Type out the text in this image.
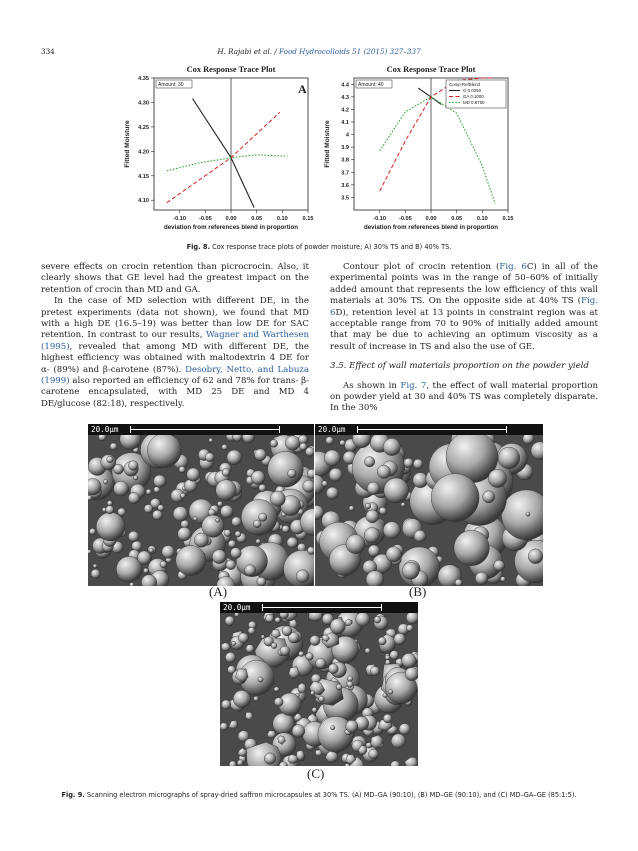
334	H. Rajabi et al. / Food Hydrocolloids 51 (2015) 327–337
Cox Response Trace Plot
Amount: 30	A
-0.10 -0.05 0.00	0.05	0.10	0.15
4.10
4.15
4.20
4.25
4.30
4.35
deviation from references blend in proportion
Fitted Moisture
Cox Response Trace Plot
Amount: 40
-0.10 -0.05 0.00	0.05	0.10	0.15
3.5
3.6
3.7
3.8
3.9
4
4.1
4.2
4.3
4.4
deviation from references blend in proportion
Fitted Moisture
Comp:RefBlend
G 0.0250
GA 0.1000
MD 0.8750
Fig. 8. Cox response trace plots of powder moisture; A) 30% TS and B) 40% TS.

severe effects on crocin retention than picrocrocin. Also, it clearly shows that GE level had the greatest impact on the retention of crocin than MD and GA.

In the case of MD selection with different DE, in the pretest experiments (data not shown), we found that MD with a high DE (16.5–19) was better than low DE for SAC retention. In contrast to our results, Wagner and Warthesen (1995), revealed that among MD with different DE, the highest efficiency was obtained with maltodextrin 4 DE for α- (89%) and β-carotene (87%). Desobry, Netto, and Labuza (1999) also reported an efficiency of 62 and 78% for trans- β-carotene encapsulated, with MD 25 DE and MD 4 DE/glucose (82:18), respectively.

Contour plot of crocin retention (Fig. 6C) in all of the experimental points was in the range of 50–60% of initially added amount that represents the low efficiency of this wall materials at 30% TS. On the opposite side at 40% TS (Fig. 6D), retention level at 13 points in constraint region was at acceptable range from 70 to 90% of initially added amount that may be due to achieving an optimum viscosity as a result of increase in TS and also the use of GE.

3.5. Effect of wall materials proportion on the powder yield

As shown in Fig. 7, the effect of wall material proportion on powder yield at 30 and 40% TS was completely disparate. In the 30%

20.0μm	20.0μm
(A)	(B)
20.0μm
(C)
Fig. 9. Scanning electron micrographs of spray-dried saffron microcapsules at 30% TS. (A) MD–GA (90:10), (B) MD–GE (90:10), and (C) MD–GA–GE (85:1:5).
